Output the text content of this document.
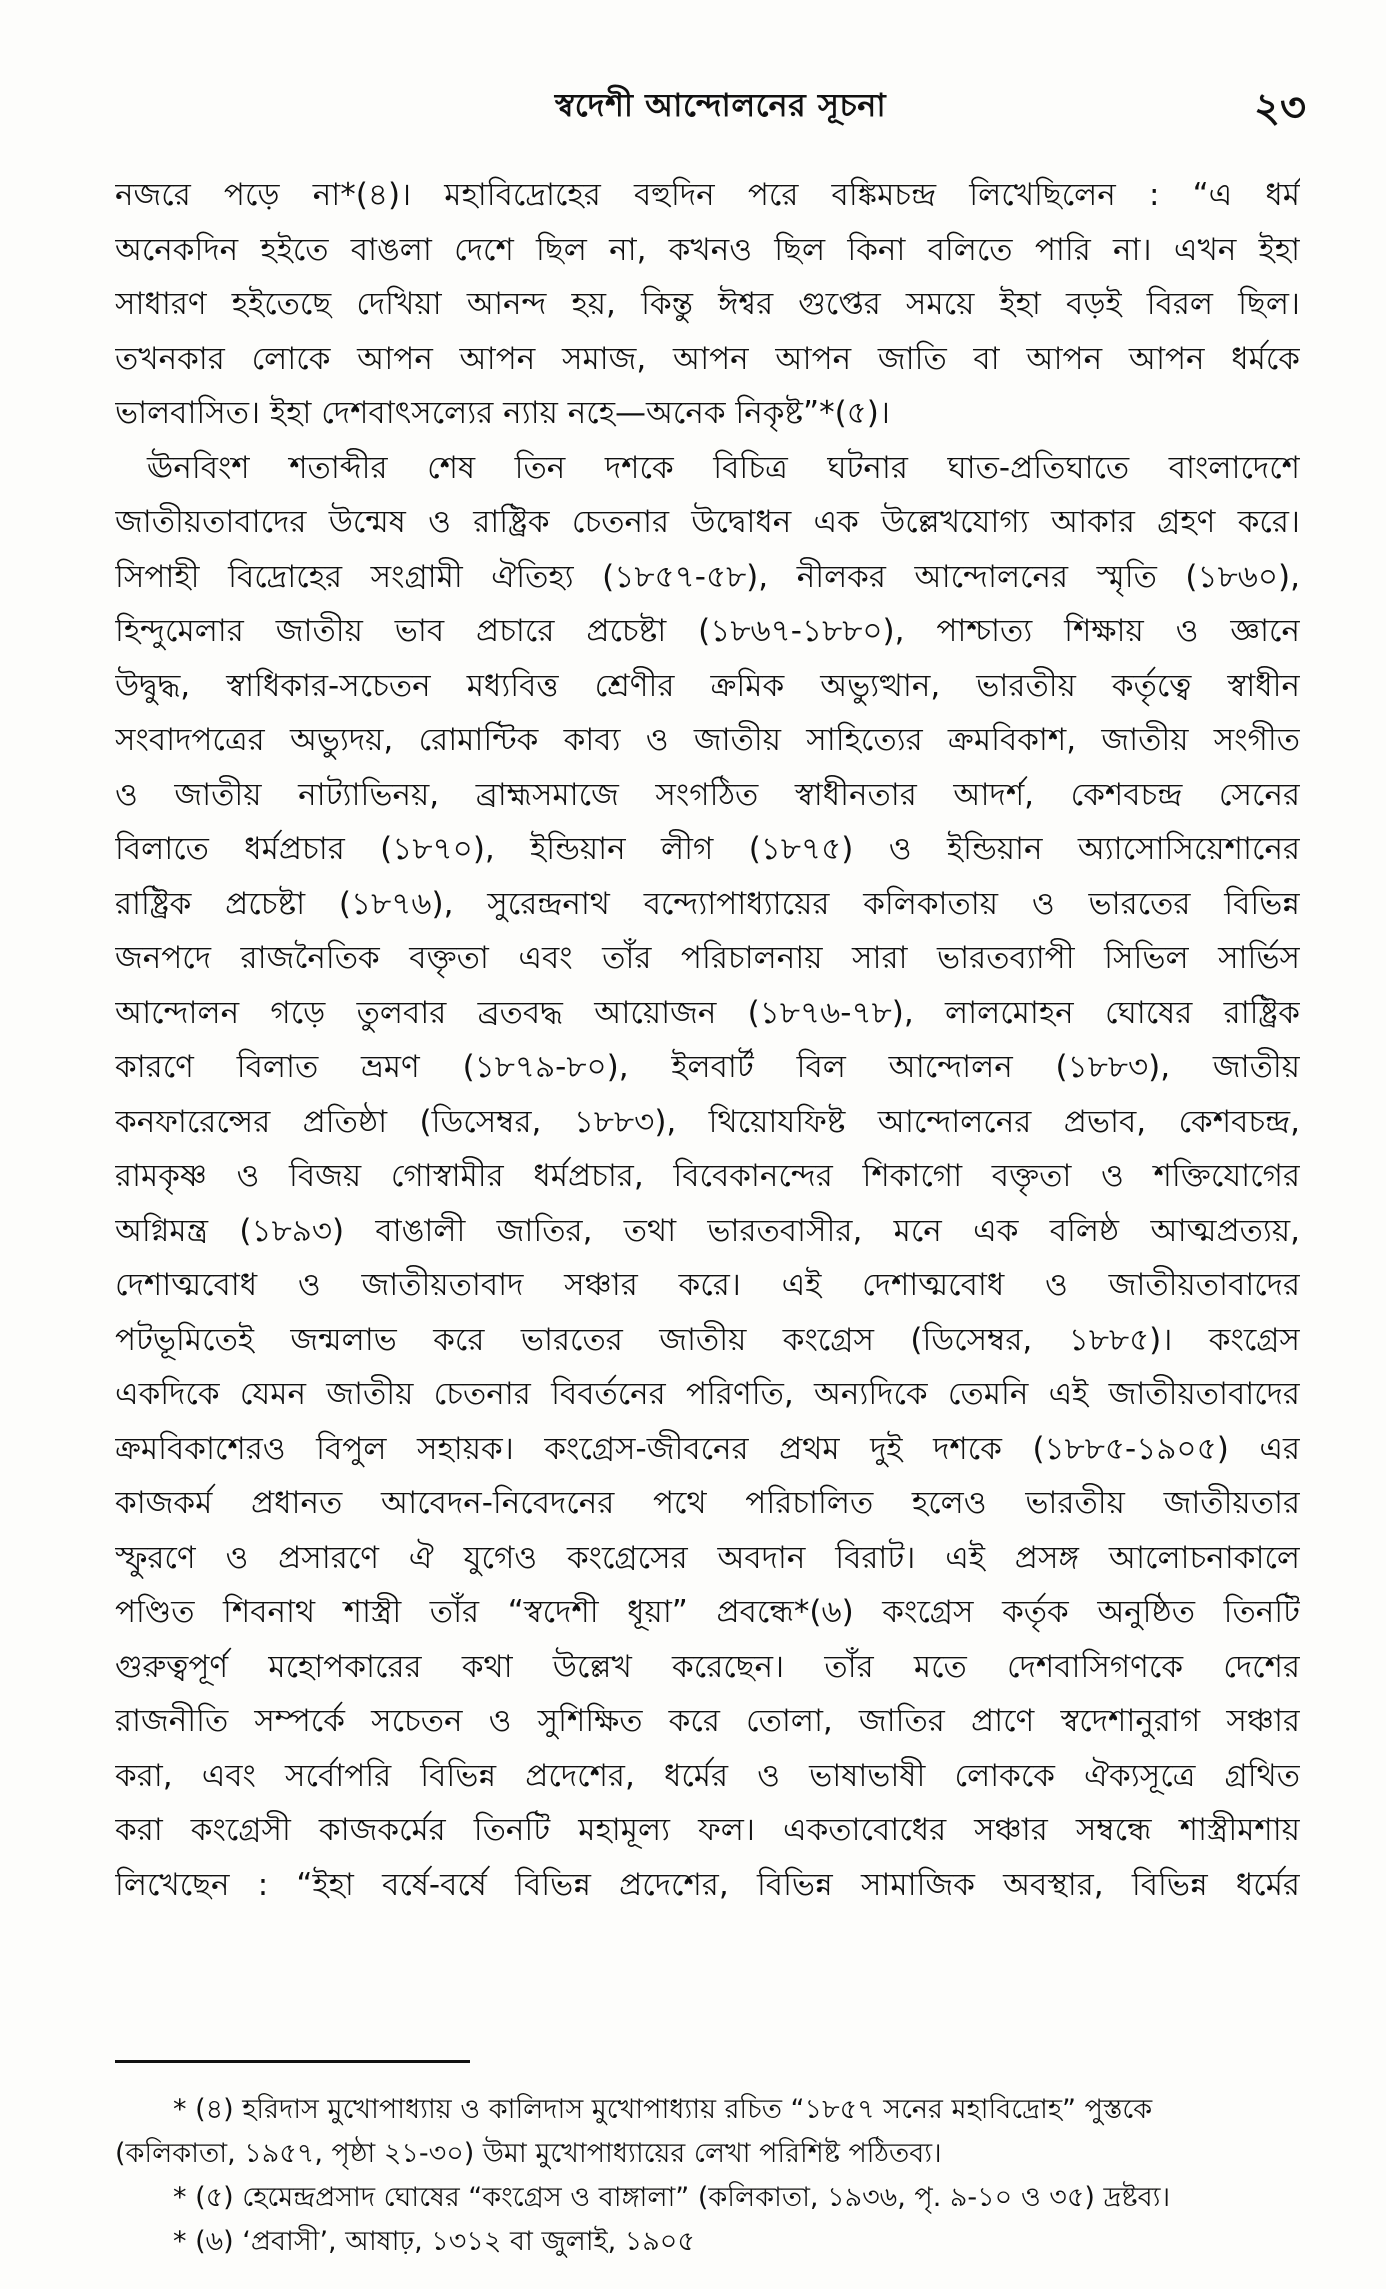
স্বদেশী আন্দোলনের সূচনা	২৩

নজরে পড়ে না*(৪)। মহাবিদ্রোহের বহুদিন পরে বঙ্কিমচন্দ্র লিখেছিলেন : “এ ধর্ম
অনেকদিন হইতে বাঙলা দেশে ছিল না, কখনও ছিল কিনা বলিতে পারি না। এখন ইহা
সাধারণ হইতেছে দেখিয়া আনন্দ হয়, কিন্তু ঈশ্বর গুপ্তের সময়ে ইহা বড়ই বিরল ছিল।
তখনকার লোকে আপন আপন সমাজ, আপন আপন জাতি বা আপন আপন ধর্মকে
ভালবাসিত। ইহা দেশবাৎসল্যের ন্যায় নহে—অনেক নিকৃষ্ট”*(৫)।

ঊনবিংশ শতাব্দীর শেষ তিন দশকে বিচিত্র ঘটনার ঘাত-প্রতিঘাতে বাংলাদেশে
জাতীয়তাবাদের উন্মেষ ও রাষ্ট্রিক চেতনার উদ্বোধন এক উল্লেখযোগ্য আকার গ্রহণ করে।
সিপাহী বিদ্রোহের সংগ্রামী ঐতিহ্য (১৮৫৭-৫৮), নীলকর আন্দোলনের স্মৃতি (১৮৬০),
হিন্দুমেলার জাতীয় ভাব প্রচারে প্রচেষ্টা (১৮৬৭-১৮৮০), পাশ্চাত্য শিক্ষায় ও জ্ঞানে
উদ্বুদ্ধ, স্বাধিকার-সচেতন মধ্যবিত্ত শ্রেণীর ক্রমিক অভ্যুত্থান, ভারতীয় কর্তৃত্বে স্বাধীন
সংবাদপত্রের অভ্যুদয়, রোমান্টিক কাব্য ও জাতীয় সাহিত্যের ক্রমবিকাশ, জাতীয় সংগীত
ও জাতীয় নাট্যাভিনয়, ব্রাহ্মসমাজে সংগঠিত স্বাধীনতার আদর্শ, কেশবচন্দ্র সেনের
বিলাতে ধর্মপ্রচার (১৮৭০), ইন্ডিয়ান লীগ (১৮৭৫) ও ইন্ডিয়ান অ্যাসোসিয়েশানের
রাষ্ট্রিক প্রচেষ্টা (১৮৭৬), সুরেন্দ্রনাথ বন্দ্যোপাধ্যায়ের কলিকাতায় ও ভারতের বিভিন্ন
জনপদে রাজনৈতিক বক্তৃতা এবং তাঁর পরিচালনায় সারা ভারতব্যাপী সিভিল সার্ভিস
আন্দোলন গড়ে তুলবার ব্রতবদ্ধ আয়োজন (১৮৭৬-৭৮), লালমোহন ঘোষের রাষ্ট্রিক
কারণে বিলাত ভ্রমণ (১৮৭৯-৮০), ইলবার্ট বিল আন্দোলন (১৮৮৩), জাতীয়
কনফারেন্সের প্রতিষ্ঠা (ডিসেম্বর, ১৮৮৩), থিয়োযফিষ্ট আন্দোলনের প্রভাব, কেশবচন্দ্র,
রামকৃষ্ণ ও বিজয় গোস্বামীর ধর্মপ্রচার, বিবেকানন্দের শিকাগো বক্তৃতা ও শক্তিযোগের
অগ্নিমন্ত্র (১৮৯৩) বাঙালী জাতির, তথা ভারতবাসীর, মনে এক বলিষ্ঠ আত্মপ্রত্যয়,
দেশাত্মবোধ ও জাতীয়তাবাদ সঞ্চার করে। এই দেশাত্মবোধ ও জাতীয়তাবাদের
পটভূমিতেই জন্মলাভ করে ভারতের জাতীয় কংগ্রেস (ডিসেম্বর, ১৮৮৫)। কংগ্রেস
একদিকে যেমন জাতীয় চেতনার বিবর্তনের পরিণতি, অন্যদিকে তেমনি এই জাতীয়তাবাদের
ক্রমবিকাশেরও বিপুল সহায়ক। কংগ্রেস-জীবনের প্রথম দুই দশকে (১৮৮৫-১৯০৫) এর
কাজকর্ম প্রধানত আবেদন-নিবেদনের পথে পরিচালিত হলেও ভারতীয় জাতীয়তার
স্ফুরণে ও প্রসারণে ঐ যুগেও কংগ্রেসের অবদান বিরাট। এই প্রসঙ্গ আলোচনাকালে
পণ্ডিত শিবনাথ শাস্ত্রী তাঁর “স্বদেশী ধূয়া” প্রবন্ধে*(৬) কংগ্রেস কর্তৃক অনুষ্ঠিত তিনটি
গুরুত্বপূর্ণ মহোপকারের কথা উল্লেখ করেছেন। তাঁর মতে দেশবাসিগণকে দেশের
রাজনীতি সম্পর্কে সচেতন ও সুশিক্ষিত করে তোলা, জাতির প্রাণে স্বদেশানুরাগ সঞ্চার
করা, এবং সর্বোপরি বিভিন্ন প্রদেশের, ধর্মের ও ভাষাভাষী লোককে ঐক্যসূত্রে গ্রথিত
করা কংগ্রেসী কাজকর্মের তিনটি মহামূল্য ফল। একতাবোধের সঞ্চার সম্বন্ধে শাস্ত্রীমশায়
লিখেছেন : “ইহা বর্ষে-বর্ষে বিভিন্ন প্রদেশের, বিভিন্ন সামাজিক অবস্থার, বিভিন্ন ধর্মের

* (৪) হরিদাস মুখোপাধ্যায় ও কালিদাস মুখোপাধ্যায় রচিত “১৮৫৭ সনের মহাবিদ্রোহ” পুস্তকে
(কলিকাতা, ১৯৫৭, পৃষ্ঠা ২১-৩০) উমা মুখোপাধ্যায়ের লেখা পরিশিষ্ট পঠিতব্য।
* (৫) হেমেন্দ্রপ্রসাদ ঘোষের “কংগ্রেস ও বাঙ্গালা” (কলিকাতা, ১৯৩৬, পৃ. ৯-১০ ও ৩৫) দ্রষ্টব্য।
* (৬) ‘প্রবাসী’, আষাঢ়, ১৩১২ বা জুলাই, ১৯০৫
